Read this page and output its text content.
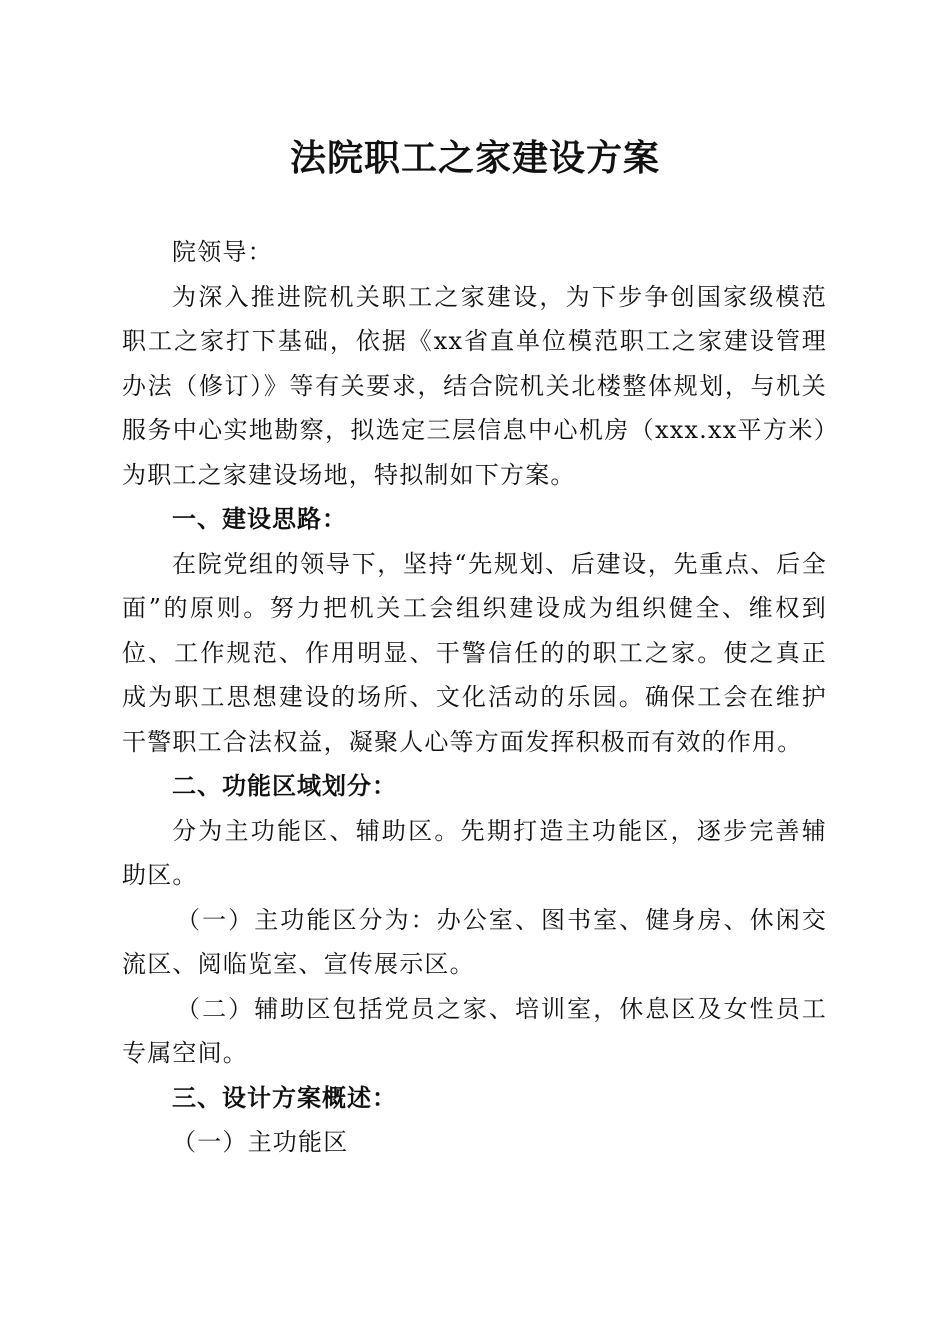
法院职工之家建设方案

院领导：

为深入推进院机关职工之家建设，为下步争创国家级模范职工之家打下基础，依据《xx省直单位模范职工之家建设管理办法（修订）》等有关要求，结合院机关北楼整体规划，与机关服务中心实地勘察，拟选定三层信息中心机房（xxx.xx平方米）为职工之家建设场地，特拟制如下方案。

一、建设思路：

在院党组的领导下，坚持“先规划、后建设，先重点、后全面”的原则。努力把机关工会组织建设成为组织健全、维权到位、工作规范、作用明显、干警信任的的职工之家。使之真正成为职工思想建设的场所、文化活动的乐园。确保工会在维护干警职工合法权益，凝聚人心等方面发挥积极而有效的作用。

二、功能区域划分：

分为主功能区、辅助区。先期打造主功能区，逐步完善辅助区。

（一）主功能区分为：办公室、图书室、健身房、休闲交流区、阅临览室、宣传展示区。

（二）辅助区包括党员之家、培训室，休息区及女性员工专属空间。

三、设计方案概述：

（一）主功能区
